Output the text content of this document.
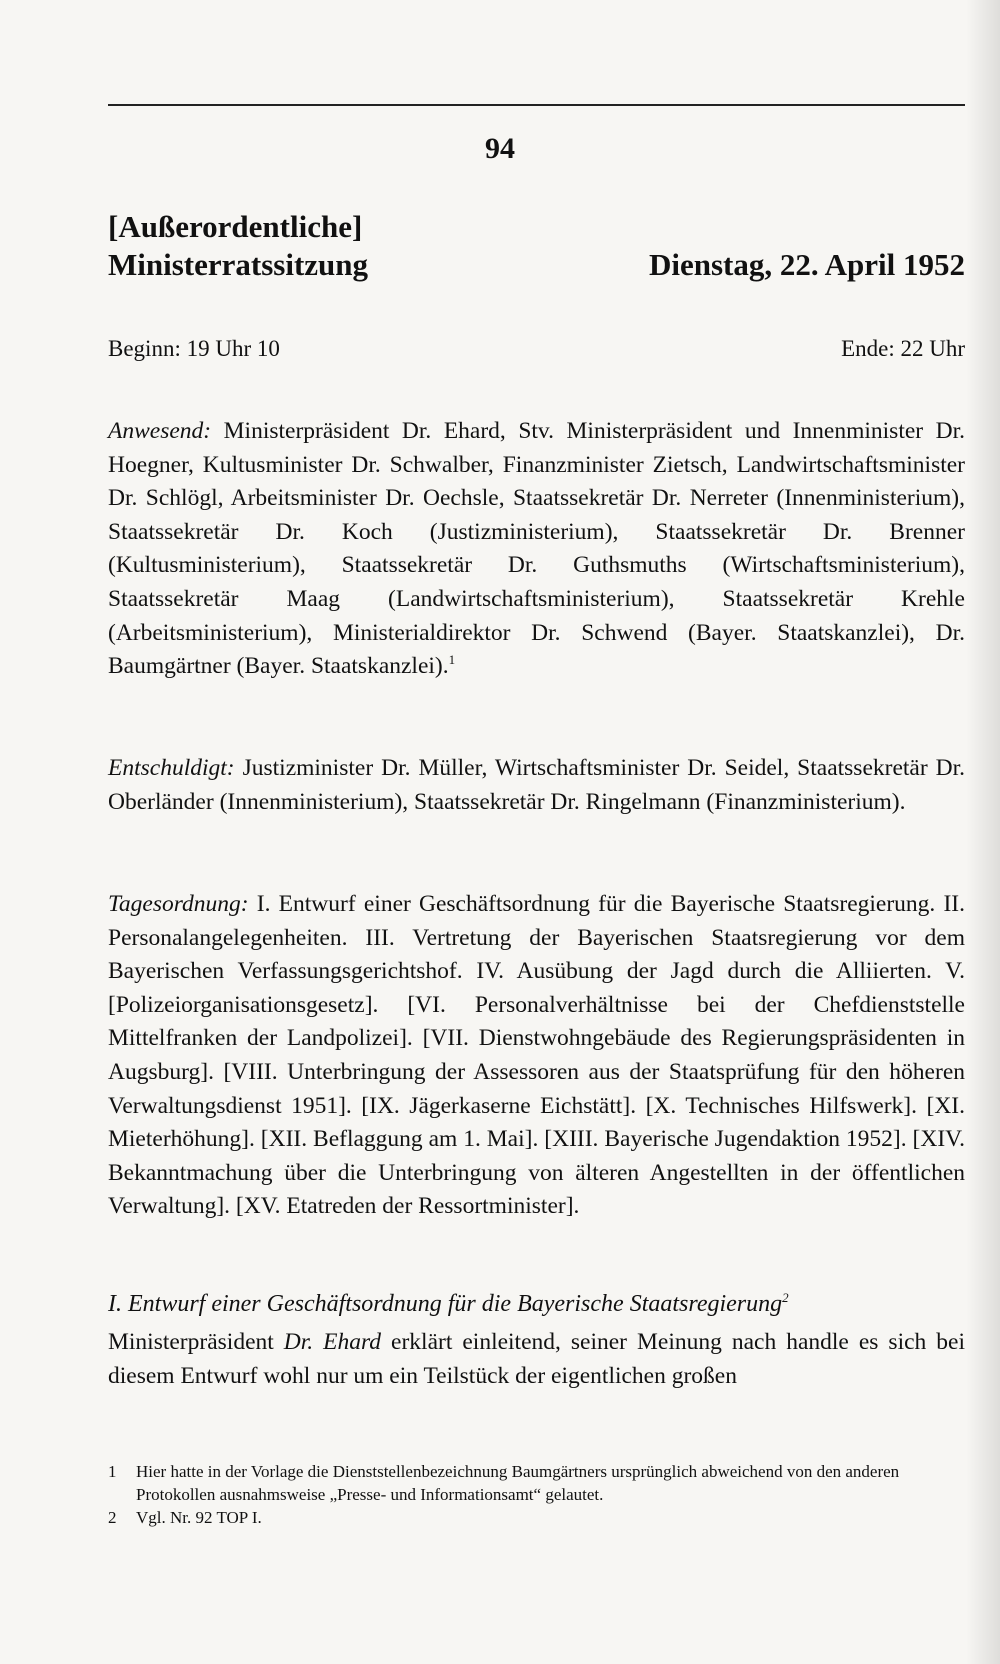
94
[Außerordentliche]
Ministerratssitzung	Dienstag, 22. April 1952
Beginn: 19 Uhr 10	Ende: 22 Uhr
Anwesend: Ministerpräsident Dr. Ehard, Stv. Ministerpräsident und Innenminister Dr. Hoegner, Kultusminister Dr. Schwalber, Finanzminister Zietsch, Landwirtschaftsminister Dr. Schlögl, Arbeitsminister Dr. Oechsle, Staatssekretär Dr. Nerreter (Innenministerium), Staatssekretär Dr. Koch (Justizministerium), Staatssekretär Dr. Brenner (Kultusministerium), Staatssekretär Dr. Guthsmuths (Wirtschaftsministerium), Staatssekretär Maag (Landwirtschaftsministerium), Staatssekretär Krehle (Arbeitsministerium), Ministerialdirektor Dr. Schwend (Bayer. Staatskanzlei), Dr. Baumgärtner (Bayer. Staatskanzlei).$^1$
Entschuldigt: Justizminister Dr. Müller, Wirtschaftsminister Dr. Seidel, Staatssekretär Dr. Oberländer (Innenministerium), Staatssekretär Dr. Ringelmann (Finanzministerium).
Tagesordnung: I. Entwurf einer Geschäftsordnung für die Bayerische Staatsregierung. II. Personalangelegenheiten. III. Vertretung der Bayerischen Staatsregierung vor dem Bayerischen Verfassungsgerichtshof. IV. Ausübung der Jagd durch die Alliierten. V. [Polizeiorganisationsgesetz]. [VI. Personalverhältnisse bei der Chefdienststelle Mittelfranken der Landpolizei]. [VII. Dienstwohngebäude des Regierungspräsidenten in Augsburg]. [VIII. Unterbringung der Assessoren aus der Staatsprüfung für den höheren Verwaltungsdienst 1951]. [IX. Jägerkaserne Eichstätt]. [X. Technisches Hilfswerk]. [XI. Mieterhöhung]. [XII. Beflaggung am 1. Mai]. [XIII. Bayerische Jugendaktion 1952]. [XIV. Bekanntmachung über die Unterbringung von älteren Angestellten in der öffentlichen Verwaltung]. [XV. Etatreden der Ressortminister].
I. Entwurf einer Geschäftsordnung für die Bayerische Staatsregierung$^2$
Ministerpräsident Dr. Ehard erklärt einleitend, seiner Meinung nach handle es sich bei diesem Entwurf wohl nur um ein Teilstück der eigentlichen großen
1	Hier hatte in der Vorlage die Dienststellenbezeichnung Baumgärtners ursprünglich abweichend von den anderen Protokollen ausnahmsweise „Presse- und Informationsamt“ gelautet.
2	Vgl. Nr. 92 TOP I.
